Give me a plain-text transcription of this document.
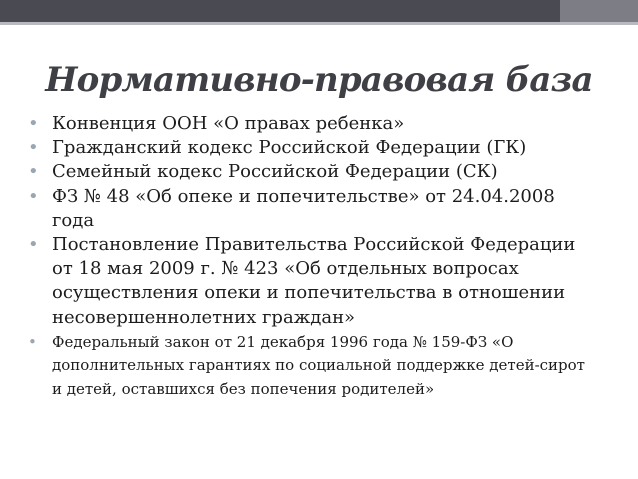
Нормативно-правовая база
• Конвенция ООН «О правах ребенка»
• Гражданский кодекс Российской Федерации (ГК)
• Семейный кодекс Российской Федерации (СК)
• ФЗ № 48 «Об опеке и попечительстве» от 24.04.2008 года
• Постановление Правительства Российской Федерации от 18 мая 2009 г. № 423 «Об отдельных вопросах осуществления опеки и попечительства в отношении несовершеннолетних граждан»
• Федеральный закон от 21 декабря 1996 года № 159-ФЗ «О дополнительных гарантиях по социальной поддержке детей-сирот и детей, оставшихся без попечения родителей»
